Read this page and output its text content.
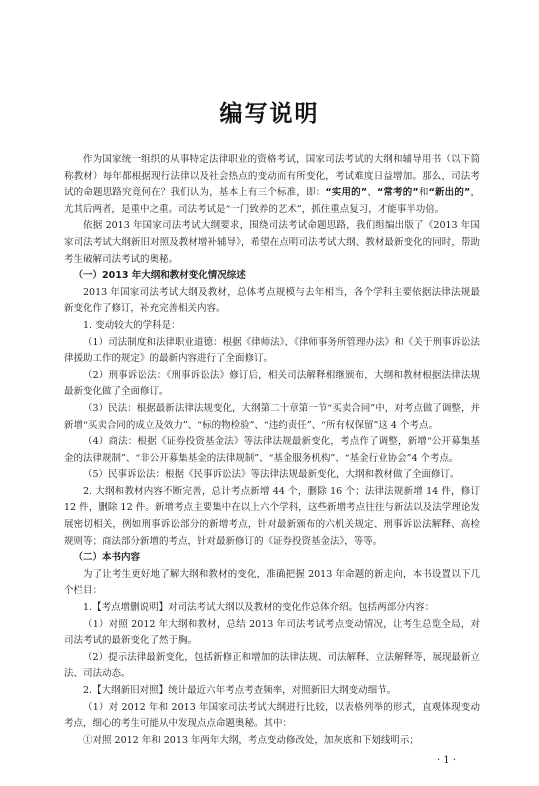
编写说明

作为国家统一组织的从事特定法律职业的资格考试，国家司法考试的大纲和辅导用书（以下简称教材）每年都根据现行法律以及社会热点的变动而有所变化，考试难度日益增加。那么，司法考试的命题思路究竟何在？我们认为，基本上有三个标准，即：“实用的”、“常考的”和“新出的”，尤其后两者，是重中之重。司法考试是“一门致养的艺术”，抓住重点复习，才能事半功倍。

依据 2013 年国家司法考试大纲要求，围绕司法考试命题思路，我们组编出版了《2013 年国家司法考试大纲新旧对照及教材增补辅导》，希望在点明司法考试大纲、教材最新变化的同时，帮助考生破解司法考试的奥秘。

（一）2013 年大纲和教材变化情况综述

2013 年国家司法考试大纲及教材，总体考点规模与去年相当，各个学科主要依据法律法规最新变化作了修订，补充完善相关内容。

1. 变动较大的学科是：

（1）司法制度和法律职业道德：根据《律师法》、《律师事务所管理办法》和《关于刑事诉讼法律援助工作的规定》的最新内容进行了全面修订。

（2）刑事诉讼法：《刑事诉讼法》修订后，相关司法解释相继颁布，大纲和教材根据法律法规最新变化做了全面修订。

（3）民法：根据最新法律法规变化，大纲第二十章第一节“买卖合同”中，对考点做了调整，并新增“买卖合同的成立及效力”、“标的物检验”、“违约责任”、“所有权保留”这 4 个考点。

（4）商法：根据《证券投资基金法》等法律法规最新变化，考点作了调整，新增“公开募集基金的法律规制”、“非公开募集基金的法律规制”、“基金服务机构”、“基金行业协会”4 个考点。

（5）民事诉讼法：根据《民事诉讼法》等法律法规最新变化，大纲和教材做了全面修订。

2. 大纲和教材内容不断完善，总计考点新增 44 个，删除 16 个；法律法规新增 14 件，修订 12 件，删除 12 件。新增考点主要集中在以上六个学科，这些新增考点往往与新法以及法学理论发展密切相关，例如刑事诉讼部分的新增考点，针对最新颁布的六机关规定、刑事诉讼法解释、高检规则等；商法部分新增的考点，针对最新修订的《证券投资基金法》，等等。

（二）本书内容

为了让考生更好地了解大纲和教材的变化，准确把握 2013 年命题的新走向，本书设置以下几个栏目：

1.【考点增删说明】对司法考试大纲以及教材的变化作总体介绍。包括两部分内容：

（1）对照 2012 年大纲和教材，总结 2013 年司法考试考点变动情况，让考生总览全局，对司法考试的最新变化了然于胸。

（2）提示法律最新变化，包括新修正和增加的法律法规、司法解释、立法解释等，展现最新立法、司法动态。

2.【大纲新旧对照】统计最近六年考点考查频率，对照新旧大纲变动细节。

（1）对 2012 年和 2013 年国家司法考试大纲进行比较，以表格列举的形式，直观体现变动考点，细心的考生可能从中发现点点命题奥秘。其中：

①对照 2012 年和 2013 年两年大纲，考点变动修改处，加灰底和下划线明示；

· 1 ·
